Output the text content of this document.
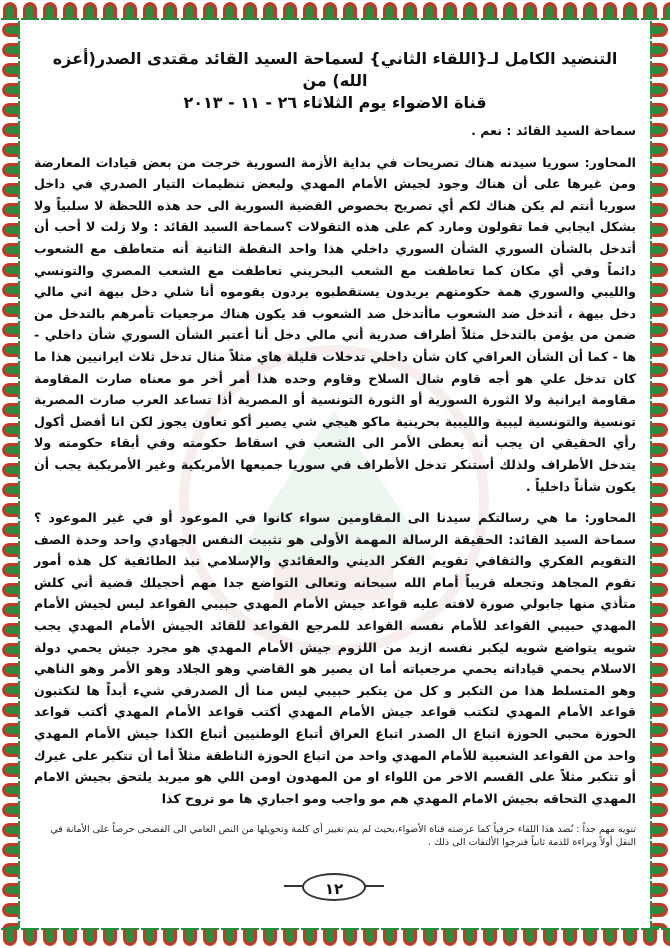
التنضيد الكامل لـ{اللقاء الثاني} لسماحة السيد القائد مقتدى الصدر(أعزه الله) من
قناة الاضواء يوم الثلاثاء ٢٦ - ١١ - ٢٠١٣

سماحة السيد القائد : نعم .

المحاور: سوريا سيدنه هناك تصريحات في بداية الأزمة السورية خرجت من بعض قيادات المعارضة ومن غيرها على أن هناك وجود لجيش الأمام المهدي ولبعض تنظيمات التيار الصدري في داخل سوريا أنتم لم يكن هناك لكم أي تصريح بخصوص القضية السورية الى حد هذه اللحظة لا سلبياً ولا بشكل ايجابي فما تقولون ومارد كم على هذه التقولات ؟سماحة السيد القائد : ولا زلت لا أحب أن أتدخل بالشأن السوري الشأن السوري داخلي هذا واحد النقطة الثانية أنه متعاطف مع الشعوب دائماً وفي أي مكان كما تعاطفت مع الشعب البحريني تعاطفت مع الشعب المصري والتونسي والليبي والسوري همة حكومتهم يريدون يستقطبوه يردون يقوموه أنا شلي دخل بيهة اني مالي دخل بيهة ، أتدخل ضد الشعوب ماأتدخل ضد الشعوب قد يكون هناك مرجعيات تأمرهم بالتدخل من ضمن من يؤمن بالتدخل مثلاً أطراف صدرية أني مالي دخل أنا أعتبر الشأن السوري شأن داخلي - ها - كما أن الشأن العراقي كان شأن داخلي تدخلات قليلة هاي مثلاً مثال تدخل ثلاث ايرانيين هذا ما كان تدخل علي هو أجه قاوم شال السلاح وقاوم وحده هذا أمر أخر مو معناه صارت المقاومة مقاومة ايرانية ولا الثورة السورية أو الثورة التونسية أو المصرية أذا تساعد العرب صارت المصرية تونسية والتونسية ليبية والليبية بحرينية ماكو هيجي شي يصير أكو تعاون يجوز لكن انا أفضل أكول رأي الحقيقي ان يجب أنه يعطى الأمر الى الشعب في اسقاط حكومته وفي أبقاء حكومته ولا يتدخل الأطراف ولذلك أستنكر تدخل الأطراف في سوريا جميعها الأمريكية وغير الأمريكية يجب أن يكون شأناً داخلياً .

المحاور: ما هي رسالتكم سيدنا الى المقاومين سواء كانوا في الموعود أو في غير الموعود ؟سماحة السيد القائد: الحقيقة الرسالة المهمة الأولى هو تثبيت النفس الجهادي واحد وحدة الصف التقويم الفكري والثقافي تقويم الفكر الديني والعقائدي والإسلامي نبذ الطائفية كل هذه أمور تقوم المجاهد وتجعله قريباً أمام الله سبحانه وتعالى التواضع جدا مهم أحجيلك قضية أني كلش متأذي منها جابولي صورة لافته عليه قواعد جيش الأمام المهدي حبيبي القواعد ليس لجيش الأمام المهدي حبيبي القواعد للأمام نفسه القواعد للمرجع القواعد للقائد الجيش الأمام المهدي يجب شويه يتواضع شويه ليكبر نفسه ازيد من اللزوم جيش الأمام المهدي هو مجرد جيش يحمي دولة الاسلام يحمي قياداته يحمي مرجعياته أما ان يصير هو القاضي وهو الجلاد وهو الأمر وهو الناهي وهو المتسلط هذا من التكبر و كل من يتكبر حبيبي ليس منا أل الصدرفي شيء أبداً ها لتكتبون قواعد الأمام المهدي لتكتب قواعد جيش الأمام المهدي أكتب قواعد الأمام المهدي أكتب قواعد الحوزة محبي الحوزة اتباع ال الصدر اتباع العراق أتباع الوطنيين أتباع الكذا جيش الأمام المهدي واحد من القواعد الشعبية للأمام المهدي واحد من اتباع الحوزة الناطقة مثلاً أما أن تتكبر على غيرك أو تتكبر مثلاً على القسم الاخر من اللواء او من المهدون اومن اللي هو ميريد يلتحق بجيش الامام المهدي التحاقه بجيش الامام المهدي هم مو واجب ومو اجباري ها مو تروح كذا

تنويه مهم جداً : نُضد هذا اللقاء حرفياً كما عرضته قناة الأضواء،بحيث لم يتم تغيير أي كلمة وتحويلها من النص العامي الى الفصحى حرصاً على الأمانة في النقل أولاً وبراءة للذمة ثانياً فنرجوا الألتفات الى ذلك .
١٢
